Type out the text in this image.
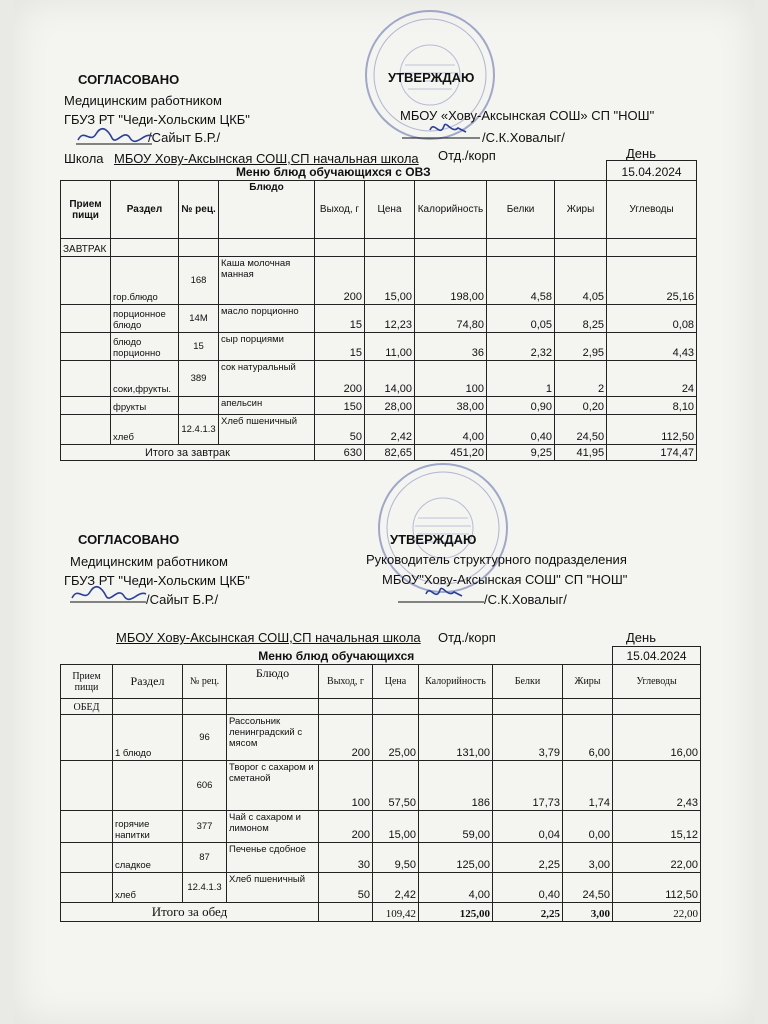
СОГЛАСОВАНО
Медицинским работником
ГБУЗ РТ "Чеди-Хольским ЦКБ"
/Сайыт Б.Р./
УТВЕРЖДАЮ
МБОУ «Хову-Аксынская СОШ» СП "НОШ"
/С.К.Ховалыг/
Школа МБОУ Хову-Аксынская СОШ,СП начальная школа Отд./корп	День
Меню блюд обучающихся с ОВЗ									15.04.2024
Прием пищи	Раздел	№ рец.	Блюдо	Выход, г	Цена	Калорийность	Белки	Жиры	Углеводы
ЗАВТРАК									
	гор.блюдо	168	Каша молочная манная	200	15,00	198,00	4,58	4,05	25,16
	порционное блюдо	14М	масло порционно	15	12,23	74,80	0,05	8,25	0,08
	блюдо порционно	15	сыр порциями	15	11,00	36	2,32	2,95	4,43
	соки,фрукты.	389	сок натуральный	200	14,00	100	1	2	24
	фрукты		апельсин	150	28,00	38,00	0,90	0,20	8,10
	хлеб	12.4.1.3	Хлеб пшеничный	50	2,42	4,00	0,40	24,50	112,50
Итого за завтрак				630	82,65	451,20	9,25	41,95	174,47
СОГЛАСОВАНО
Медицинским работником
ГБУЗ РТ "Чеди-Хольским ЦКБ"
/Сайыт Б.Р./
УТВЕРЖДАЮ
Руководитель структурного подразделения
МБОУ"Хову-Аксынская СОШ" СП "НОШ"
/С.К.Ховалыг/
МБОУ Хову-Аксынская СОШ,СП начальная школа Отд./корп	День
Меню блюд обучающихся									15.04.2024
Прием пищи	Раздел	№ рец.	Блюдо	Выход, г	Цена	Калорийность	Белки	Жиры	Углеводы
ОБЕД									
	1 блюдо	96	Рассольник ленинградский с мясом	200	25,00	131,00	3,79	6,00	16,00
		606	Творог с сахаром и сметаной	100	57,50	186	17,73	1,74	2,43
	горячие напитки	377	Чай с сахаром и лимоном	200	15,00	59,00	0,04	0,00	15,12
	сладкое	87	Печенье сдобное	30	9,50	125,00	2,25	3,00	22,00
	хлеб	12.4.1.3	Хлеб пшеничный	50	2,42	4,00	0,40	24,50	112,50
Итого за обед					109,42	125,00	2,25	3,00	22,00
